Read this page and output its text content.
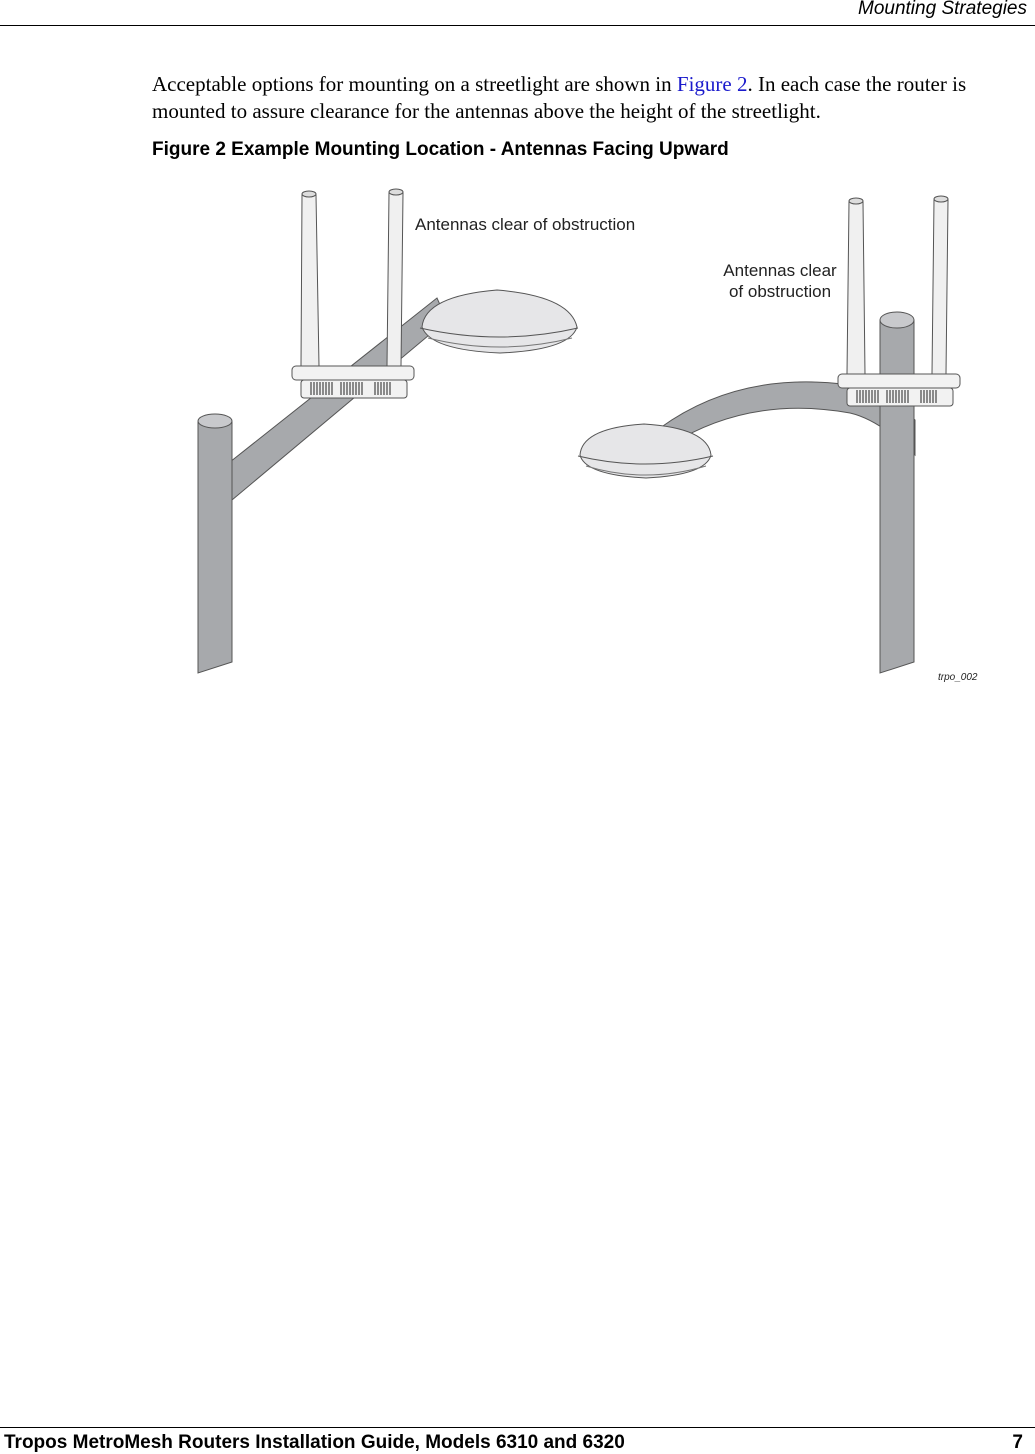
Mounting Strategies

Acceptable options for mounting on a streetlight are shown in Figure 2. In each case the router is mounted to assure clearance for the antennas above the height of the streetlight.

Figure 2 Example Mounting Location - Antennas Facing Upward

Antennas clear of obstruction
Antennas clear
of obstruction
trpo_002
Tropos MetroMesh Routers Installation Guide, Models 6310 and 6320	7
